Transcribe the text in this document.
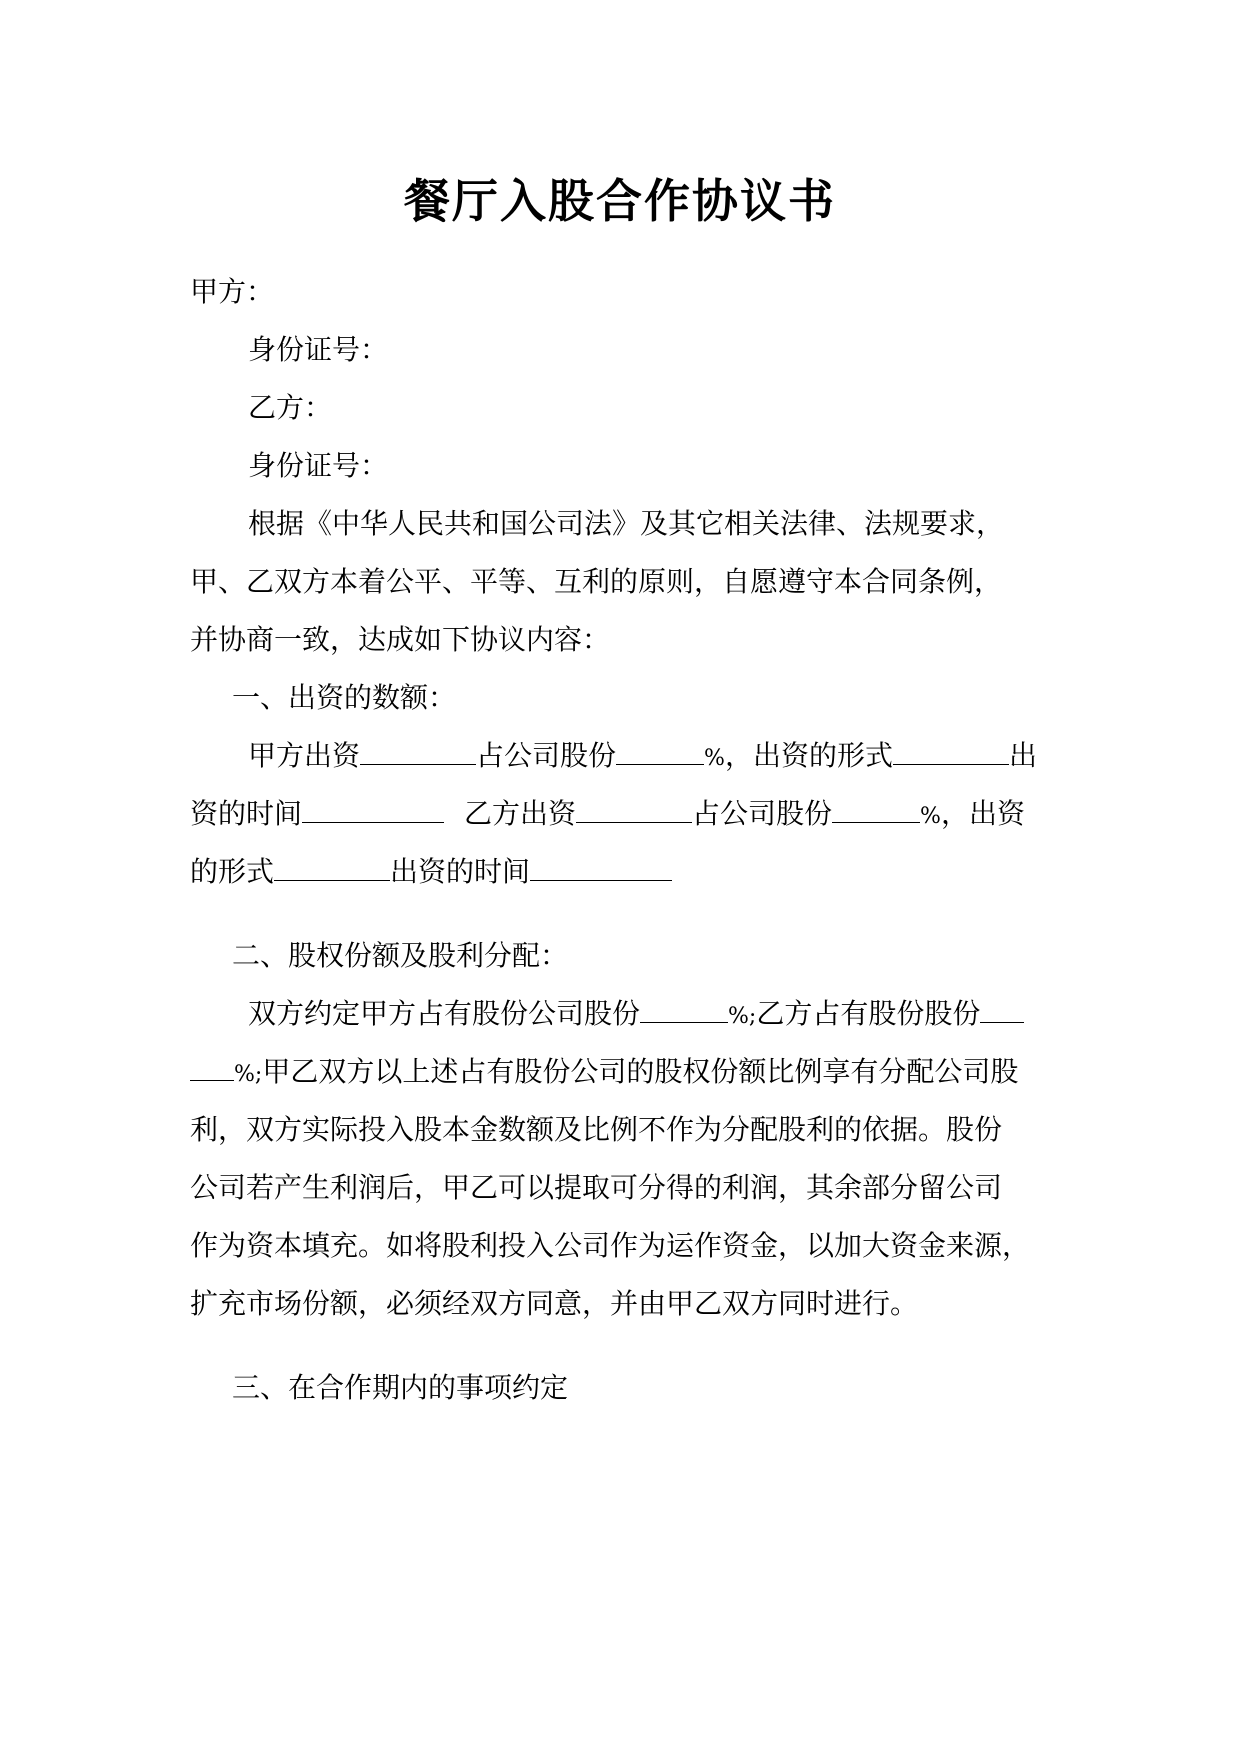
餐厅入股合作协议书

甲方：

身份证号：

乙方：

身份证号：

根据《中华人民共和国公司法》及其它相关法律、法规要求，

甲、乙双方本着公平、平等、互利的原则，自愿遵守本合同条例，

并协商一致，达成如下协议内容：

一、出资的数额：

甲方出资	占公司股份	%，出资的形式	出

资的时间	乙方出资	占公司股份	%，出资

的形式	出资的时间

二、股权份额及股利分配：

双方约定甲方占有股份公司股份	%;乙方占有股份股份

%;甲乙双方以上述占有股份公司的股权份额比例享有分配公司股

利，双方实际投入股本金数额及比例不作为分配股利的依据。股份

公司若产生利润后，甲乙可以提取可分得的利润，其余部分留公司

作为资本填充。如将股利投入公司作为运作资金，以加大资金来源，

扩充市场份额，必须经双方同意，并由甲乙双方同时进行。

三、在合作期内的事项约定
